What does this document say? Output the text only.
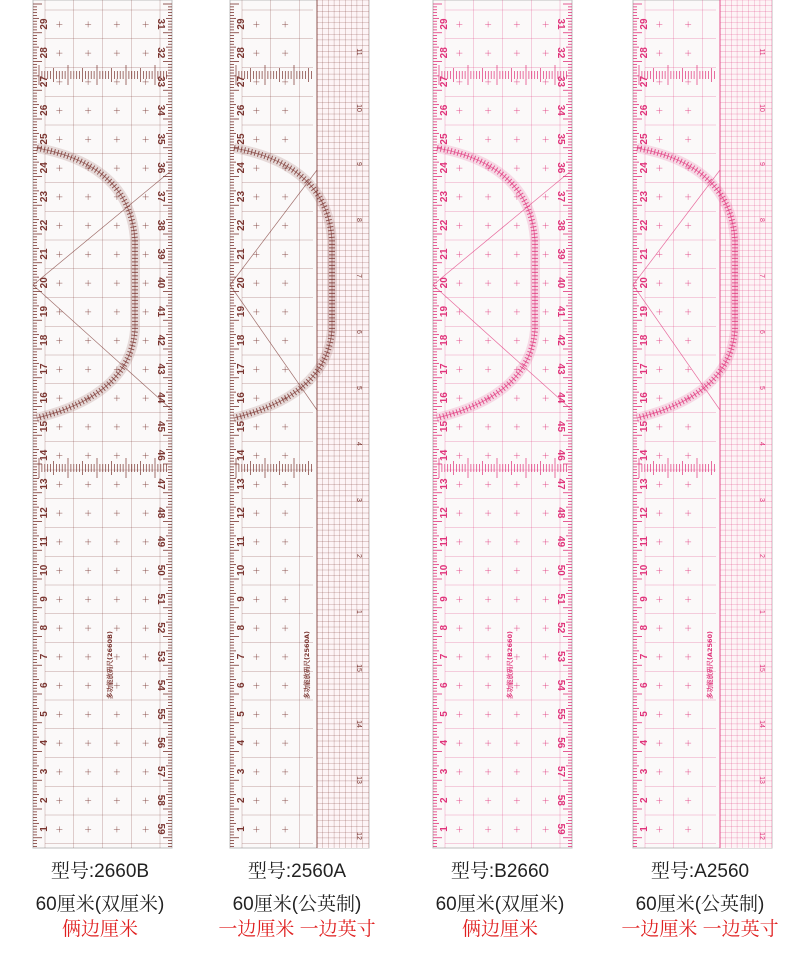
29
28
27
26
25
24
23
22
21
20
19
18
17
16
15
14
13
12
11
10
9
8
7
6
5
4
3
2
1
31
32
33
34
35
36
37
38
39
40
41
42
43
44
45
46
47
48
49
50
51
52
53
54
55
56
57
58
59
多功能放码尺(2660B)
型号:2660B
60厘米(双厘米)
俩边厘米
29
28
27
26
25
24
23
22
21
20
19
18
17
16
15
14
13
12
11
10
9
8
7
6
5
4
3
2
1
11
10
9
8
7
6
5
4
3
2
1
15
14
13
12
多功能放码尺(2560A)
型号:2560A
60厘米(公英制)
一边厘米 一边英寸
29
28
27
26
25
24
23
22
21
20
19
18
17
16
15
14
13
12
11
10
9
8
7
6
5
4
3
2
1
31
32
33
34
35
36
37
38
39
40
41
42
43
44
45
46
47
48
49
50
51
52
53
54
55
56
57
58
59
多功能放码尺(B2660)
型号:B2660
60厘米(双厘米)
俩边厘米
29
28
27
26
25
24
23
22
21
20
19
18
17
16
15
14
13
12
11
10
9
8
7
6
5
4
3
2
1
11
10
9
8
7
6
5
4
3
2
1
15
14
13
12
多功能放码尺(A2560)
型号:A2560
60厘米(公英制)
一边厘米 一边英寸
